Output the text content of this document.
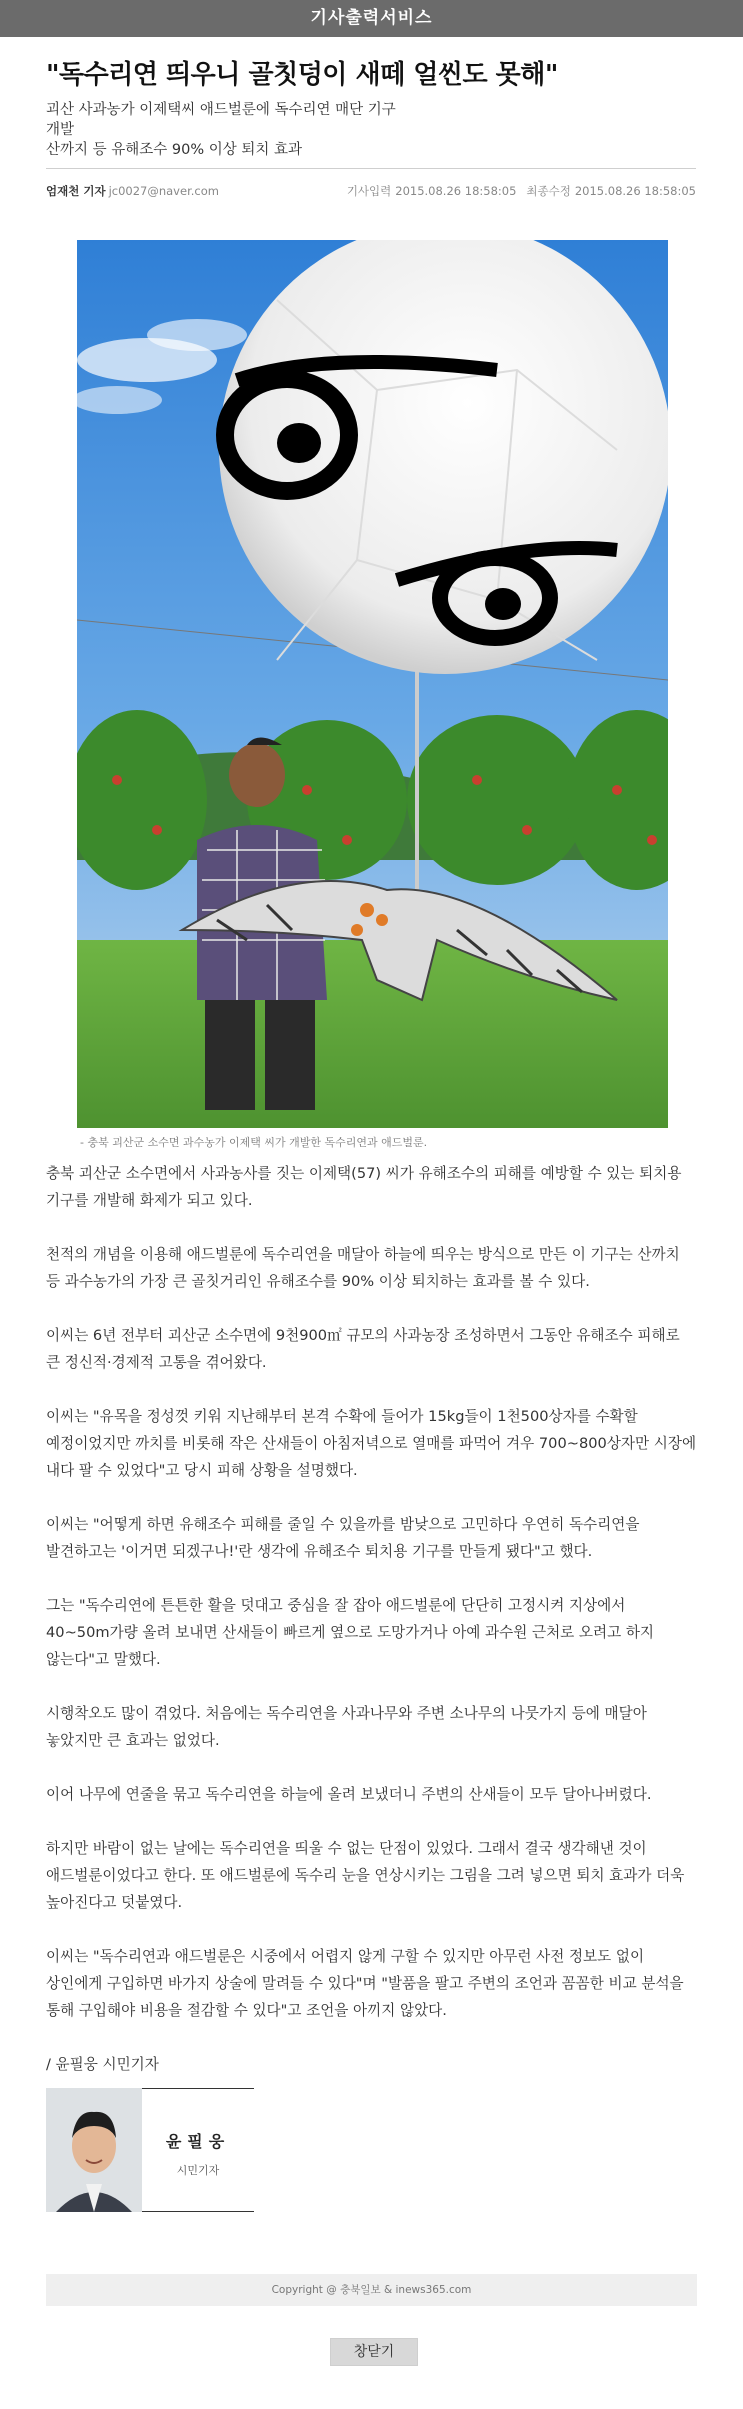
기사출력서비스
"독수리연 띄우니 골칫덩이 새떼 얼씬도 못해"
괴산 사과농가 이제택씨 애드벌룬에 독수리연 매단 기구 개발
산까지 등 유해조수 90% 이상 퇴치 효과
엄재천 기자 jc0027@naver.com	기사입력 2015.08.26 18:58:05 최종수정 2015.08.26 18:58:05
- 충북 괴산군 소수면 과수농가 이제택 씨가 개발한 독수리연과 애드벌룬.

충북 괴산군 소수면에서 사과농사를 짓는 이제택(57) 씨가 유해조수의 피해를 예방할 수 있는 퇴치용 기구를 개발해 화제가 되고 있다.

천적의 개념을 이용해 애드벌룬에 독수리연을 매달아 하늘에 띄우는 방식으로 만든 이 기구는 산까치 등 과수농가의 가장 큰 골칫거리인 유해조수를 90% 이상 퇴치하는 효과를 볼 수 있다.

이씨는 6년 전부터 괴산군 소수면에 9천900㎡ 규모의 사과농장 조성하면서 그동안 유해조수 피해로 큰 정신적·경제적 고통을 겪어왔다.

이씨는 "유목을 정성껏 키워 지난해부터 본격 수확에 들어가 15kg들이 1천500상자를 수확할 예정이었지만 까치를 비롯해 작은 산새들이 아침저녁으로 열매를 파먹어 겨우 700~800상자만 시장에 내다 팔 수 있었다"고 당시 피해 상황을 설명했다.

이씨는 "어떻게 하면 유해조수 피해를 줄일 수 있을까를 밤낮으로 고민하다 우연히 독수리연을 발견하고는 '이거면 되겠구나!'란 생각에 유해조수 퇴치용 기구를 만들게 됐다"고 했다.

그는 "독수리연에 튼튼한 활을 덧대고 중심을 잘 잡아 애드벌룬에 단단히 고정시켜 지상에서 40~50m가량 올려 보내면 산새들이 빠르게 옆으로 도망가거나 아예 과수원 근처로 오려고 하지 않는다"고 말했다.

시행착오도 많이 겪었다. 처음에는 독수리연을 사과나무와 주변 소나무의 나뭇가지 등에 매달아 놓았지만 큰 효과는 없었다.

이어 나무에 연줄을 묶고 독수리연을 하늘에 올려 보냈더니 주변의 산새들이 모두 달아나버렸다.

하지만 바람이 없는 날에는 독수리연을 띄울 수 없는 단점이 있었다. 그래서 결국 생각해낸 것이 애드벌룬이었다고 한다. 또 애드벌룬에 독수리 눈을 연상시키는 그림을 그려 넣으면 퇴치 효과가 더욱 높아진다고 덧붙였다.

이씨는 "독수리연과 애드벌룬은 시중에서 어렵지 않게 구할 수 있지만 아무런 사전 정보도 없이 상인에게 구입하면 바가지 상술에 말려들 수 있다"며 "발품을 팔고 주변의 조언과 꼼꼼한 비교 분석을 통해 구입해야 비용을 절감할 수 있다"고 조언을 아끼지 않았다.

/ 윤필웅 시민기자

윤필웅
시민기자
Copyright @ 충북일보 & inews365.com
창닫기
